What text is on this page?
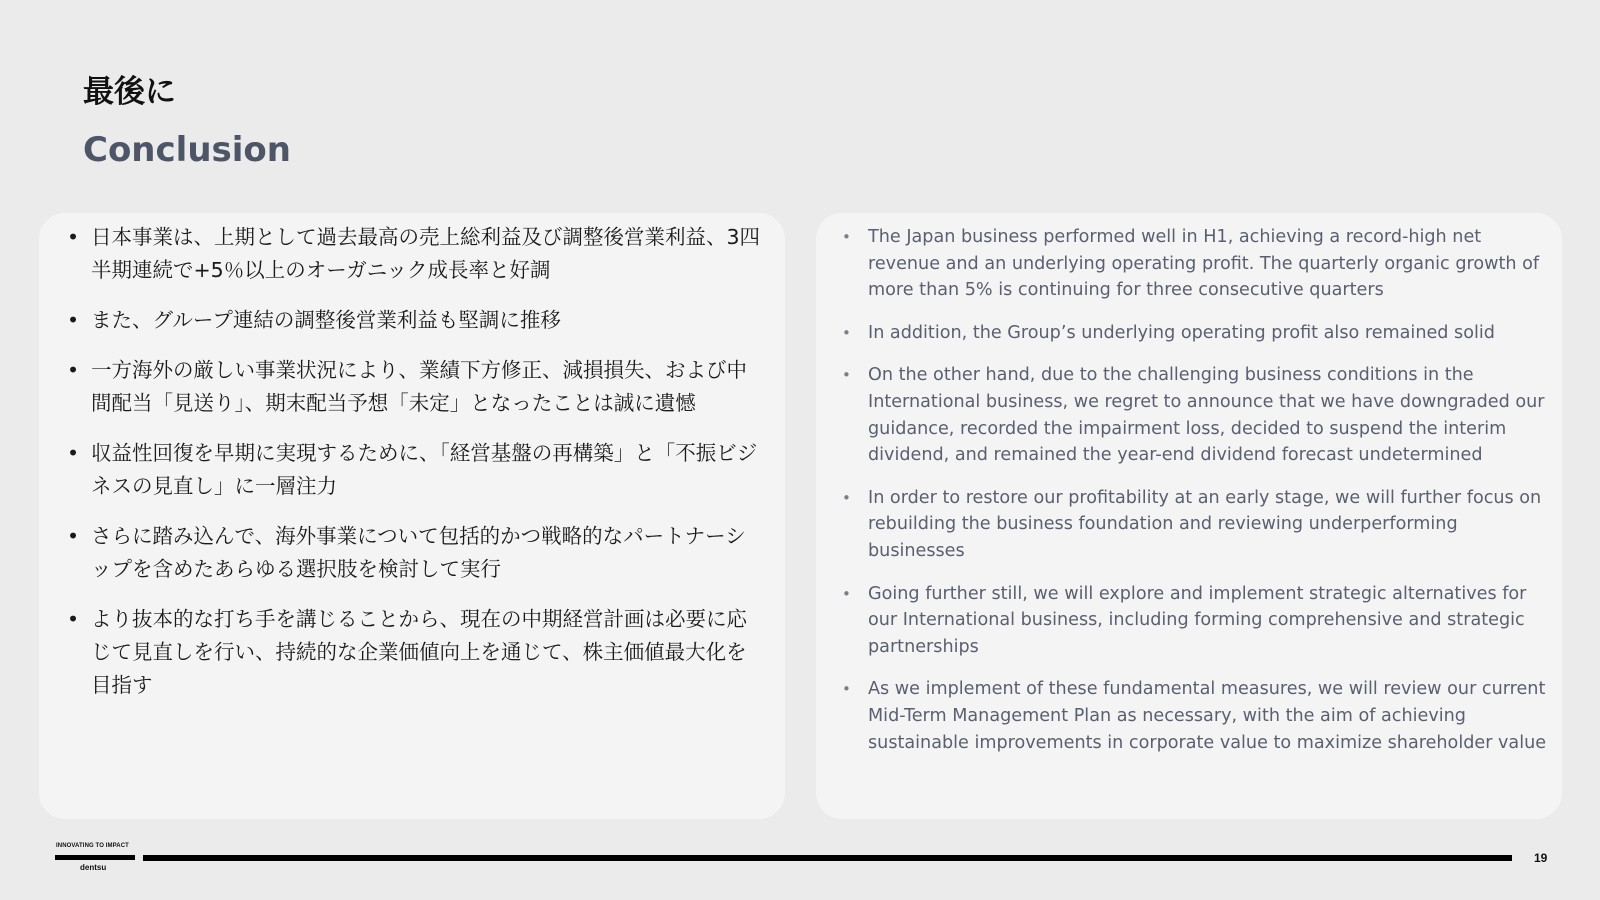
最後に
Conclusion
• 日本事業は、上期として過去最高の売上総利益及び調整後営業利益、3四半期連続で+5％以上のオーガニック成長率と好調
• また、グループ連結の調整後営業利益も堅調に推移
• 一方海外の厳しい事業状況により、業績下方修正、減損損失、および中間配当「見送り」、期末配当予想「未定」となったことは誠に遺憾
• 収益性回復を早期に実現するために、「経営基盤の再構築」と「不振ビジネスの見直し」に一層注力
• さらに踏み込んで、海外事業について包括的かつ戦略的なパートナーシップを含めたあらゆる選択肢を検討して実行
• より抜本的な打ち手を講じることから、現在の中期経営計画は必要に応じて見直しを行い、持続的な企業価値向上を通じて、株主価値最大化を目指す
• The Japan business performed well in H1, achieving a record-high net revenue and an underlying operating profit. The quarterly organic growth of more than 5% is continuing for three consecutive quarters
• In addition, the Group’s underlying operating profit also remained solid
• On the other hand, due to the challenging business conditions in the International business, we regret to announce that we have downgraded our guidance, recorded the impairment loss, decided to suspend the interim dividend, and remained the year-end dividend forecast undetermined
• In order to restore our profitability at an early stage, we will further focus on rebuilding the business foundation and reviewing underperforming businesses
• Going further still, we will explore and implement strategic alternatives for our International business, including forming comprehensive and strategic partnerships
• As we implement of these fundamental measures, we will review our current Mid-Term Management Plan as necessary, with the aim of achieving sustainable improvements in corporate value to maximize shareholder value
INNOVATING TO IMPACT
dentsu
19
